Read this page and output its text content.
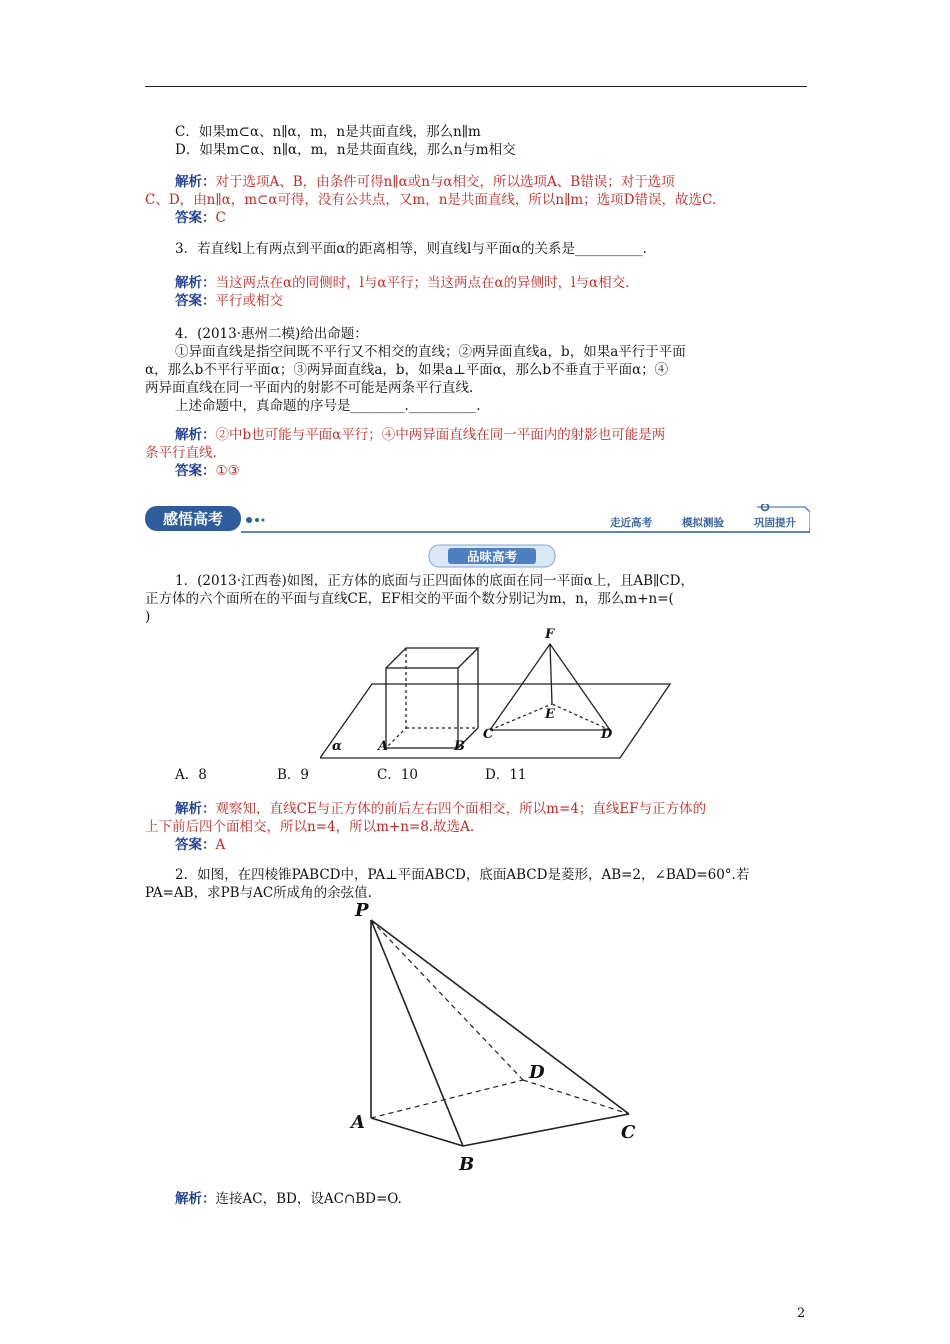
C．如果m⊂α、n∥α，m，n是共面直线，那么n∥m
D．如果m⊂α、n∥α，m，n是共面直线，那么n与m相交
解析：对于选项A、B，由条件可得n∥α或n与α相交，所以选项A、B错误；对于选项
C、D，由n∥α，m⊂α可得，没有公共点，又m，n是共面直线，所以n∥m；选项D错误，故选C.
答案：C
3．若直线l上有两点到平面α的距离相等，则直线l与平面α的关系是__________.
解析：当这两点在α的同侧时，l与α平行；当这两点在α的异侧时，l与α相交.
答案：平行或相交
4．(2013·惠州二模)给出命题：
①异面直线是指空间既不平行又不相交的直线；②两异面直线a，b，如果a平行于平面
α，那么b不平行平面α；③两异面直线a，b，如果a⊥平面α，那么b不垂直于平面α；④
两异面直线在同一平面内的射影不可能是两条平行直线.
上述命题中，真命题的序号是________.__________.
解析：②中b也可能与平面α平行；④中两异面直线在同一平面内的射影也可能是两
条平行直线.
答案：①③
感悟高考	走近高考	模拟测验	巩固提升
品味高考
1．(2013·江西卷)如图，正方体的底面与正四面体的底面在同一平面α上，且AB∥CD，
正方体的六个面所在的平面与直线CE，EF相交的平面个数分别记为m，n，那么m+n=(
)
α	A	B
C	D
E
F
A．8	B．9	C．10	D．11
解析：观察知，直线CE与正方体的前后左右四个面相交，所以m=4；直线EF与正方体的
上下前后四个面相交，所以n=4，所以m+n=8.故选A.
答案：A
2．如图，在四棱锥PABCD中，PA⊥平面ABCD，底面ABCD是菱形，AB=2，∠BAD=60°.若
PA=AB，求PB与AC所成角的余弦值.
P
A
B
C
D
解析：连接AC，BD，设AC∩BD=O.
2
